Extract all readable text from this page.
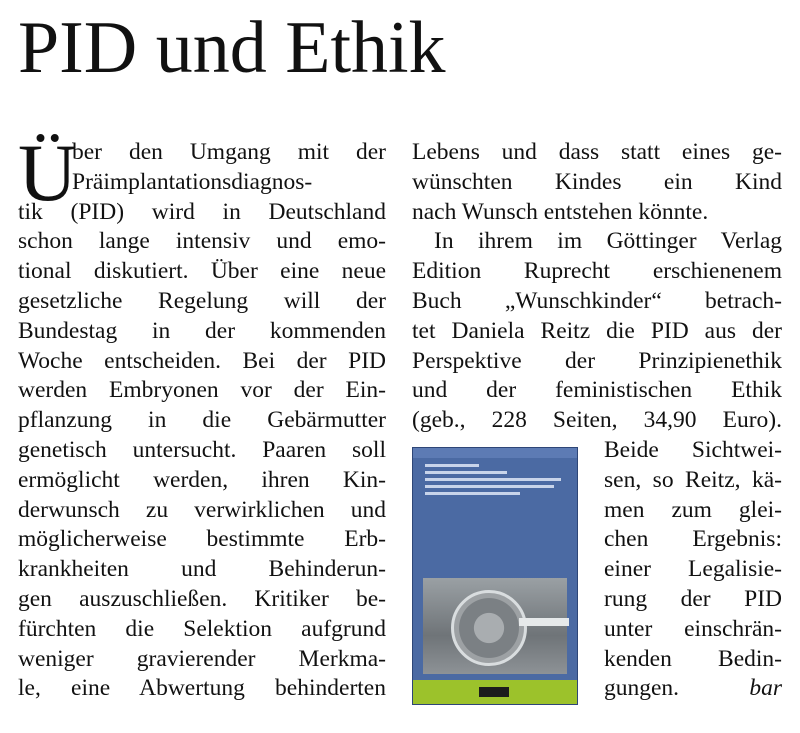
PID und Ethik
Ü
ber den Umgang mit der
Präimplantationsdiagnos-
tik (PID) wird in Deutschland
schon lange intensiv und emo-
tional diskutiert. Über eine neue
gesetzliche Regelung will der
Bundestag in der kommenden
Woche entscheiden. Bei der PID
werden Embryonen vor der Ein-
pflanzung in die Gebärmutter
genetisch untersucht. Paaren soll
ermöglicht werden, ihren Kin-
derwunsch zu verwirklichen und
möglicherweise bestimmte Erb-
krankheiten und Behinderun-
gen auszuschließen. Kritiker be-
fürchten die Selektion aufgrund
weniger gravierender Merkma-
le, eine Abwertung behinderten
Lebens und dass statt eines ge-
wünschten Kindes ein Kind
nach Wunsch entstehen könnte.
In ihrem im Göttinger Verlag
Edition Ruprecht erschienenem
Buch „Wunschkinder“ betrach-
tet Daniela Reitz die PID aus der
Perspektive der Prinzipienethik
und der feministischen Ethik
(geb., 228 Seiten, 34,90 Euro).
Beide Sichtwei-
sen, so Reitz, kä-
men zum glei-
chen Ergebnis:
einer Legalisie-
rung der PID
unter einschrän-
kenden Bedin-
gungen.	bar
